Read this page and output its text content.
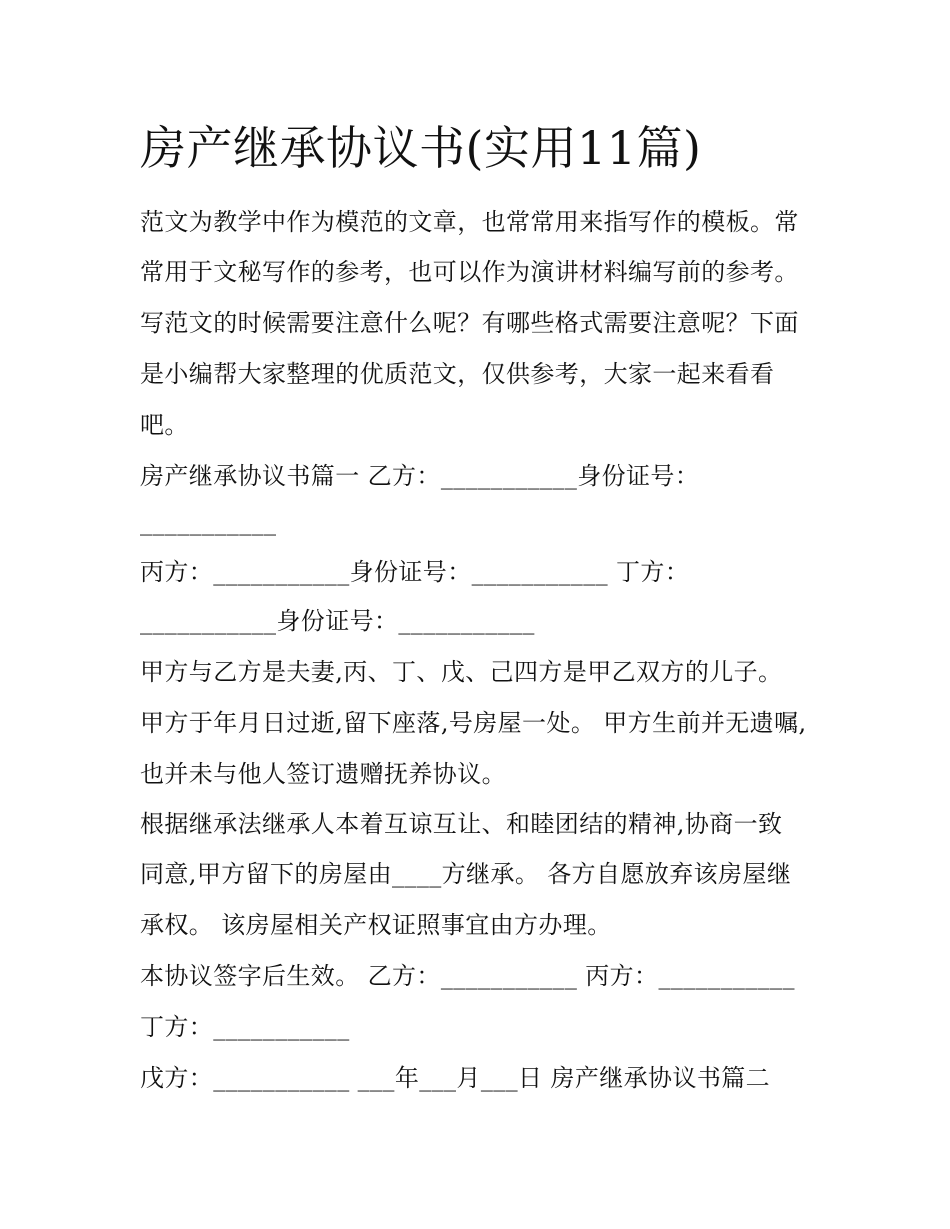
房产继承协议书(实用11篇)
范文为教学中作为模范的文章，也常常用来指写作的模板。常
常用于文秘写作的参考，也可以作为演讲材料编写前的参考。
写范文的时候需要注意什么呢？有哪些格式需要注意呢？下面
是小编帮大家整理的优质范文，仅供参考，大家一起来看看
吧。
房产继承协议书篇一 乙方：___________身份证号：
___________
丙方：___________身份证号：___________ 丁方：
___________身份证号：___________
甲方与乙方是夫妻,丙、丁、戊、己四方是甲乙双方的儿子。
甲方于年月日过逝,留下座落,号房屋一处。 甲方生前并无遗嘱,
也并未与他人签订遗赠抚养协议。
根据继承法继承人本着互谅互让、和睦团结的精神,协商一致
同意,甲方留下的房屋由____方继承。 各方自愿放弃该房屋继
承权。 该房屋相关产权证照事宜由方办理。
本协议签字后生效。 乙方：___________ 丙方：___________
丁方：___________
戊方：___________ ___年___月___日 房产继承协议书篇二
